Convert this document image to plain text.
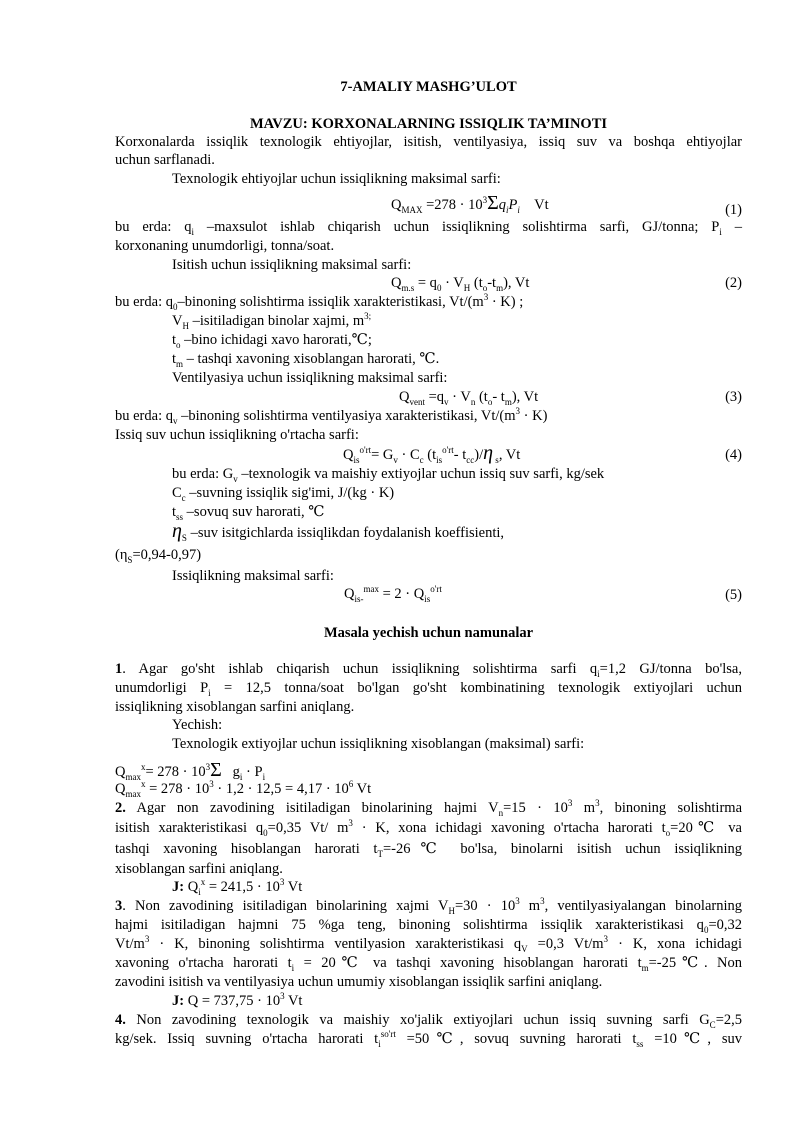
7-AMALIY MASHG’ULOT
MAVZU: KORXONALARNING ISSIQLIK TA’MINOTI
Korxonalarda issiqlik texnologik ehtiyojlar, isitish, ventilyasiya, issiq suv va boshqa ehtiyojlar
uchun sarflanadi.
Texnologik ehtiyojlar uchun issiqlikning maksimal sarfi:
$Q_{MAX} =278 \cdot 10^3\Sigma q_iP_i$    Vt	(1)
bu erda: $q_i$ –maxsulot ishlab chiqarish uchun issiqlikning solishtirma sarfi, GJ/tonna; $P_i$ –
korxonaning unumdorligi, tonna/soat.
Isitish uchun issiqlikning maksimal sarfi:
$Q_{m.s} = q_0 \cdot V_H$ $(t_o-t_m)$, Vt	(2)
bu erda: $q_0$–binoning solishtirma issiqlik xarakteristikasi, $Vt/(m^3 \cdot K)$ ;
$V_H$ –isitiladigan binolar xajmi, $m^{3;}$
$t_o$ –bino ichidagi xavo harorati,℃;
$t_m$ – tashqi xavoning xisoblangan harorati, ℃.
Ventilyasiya uchun issiqlikning maksimal sarfi:
$Q_{vent} =q_v \cdot V_n$ ($t_o-$ $t_m$), Vt	(3)
bu erda: $q_v$ –binoning solishtirma ventilyasiya xarakteristikasi, $Vt/(m^3 \cdot K)$
Issiq suv uchun issiqlikning o'rtacha sarfi:
$Q_{is}^{o'rt}= G_v \cdot C_c$ ($t_{is}^{o'rt}-$ $t_{cc})/\eta$ $_s$, Vt	(4)
bu erda: $G_v$ –texnologik va maishiy extiyojlar uchun issiq suv sarfi, kg/sek
$C_c$ –suvning issiqlik sig'imi, J/(kg · K)
$t_{ss}$ –sovuq suv harorati, ℃
$\eta_S$ –suv isitgichlarda issiqlikdan foydalanish koeffisienti,
$(\eta_S=0,94-0,97)$
Issiqlikning maksimal sarfi:
$Q_{is-}^{max} = 2 \cdot Q_{is}^{o'rt}$	(5)
Masala yechish uchun namunalar
1. Agar go'sht ishlab chiqarish uchun issiqlikning solishtirma sarfi $q_i=1,2$ GJ/tonna bo'lsa,
unumdorligi $P_i = 12,5$ tonna/soat bo'lgan go'sht kombinatining texnologik extiyojlari uchun
issiqlikning xisoblangan sarfini aniqlang.
Yechish:
Texnologik extiyojlar uchun issiqlikning xisoblangan (maksimal) sarfi:
$Q_{max}^x= 278 \cdot 10^3\Sigma$   $g_i \cdot P_i$
$Q_{max}^x = 278 \cdot 10^3 \cdot 1,2 \cdot 12,5 = 4,17 \cdot 10^6$ Vt
2. Agar non zavodining isitiladigan binolarining hajmi $V_n=15 \cdot 10^3$ $m^3$, binoning solishtirma
isitish xarakteristikasi $q_0=0,35$ Vt/ $m^3 \cdot K$, xona ichidagi xavoning o'rtacha harorati $t_o=20℃$ va
tashqi xavoning hisoblangan harorati $t_T=-26℃$ bo'lsa, binolarni isitish uchun issiqlikning
xisoblangan sarfini aniqlang.
J: $Q_i^x = 241,5 \cdot 10^3$ Vt
3. Non zavodining isitiladigan binolarining xajmi $V_H=30 \cdot 10^3$ $m^3$, ventilyasiyalangan binolarning
hajmi isitiladigan hajmni 75 %ga teng, binoning solishtirma issiqlik xarakteristikasi $q_0=0,32$
$Vt/m^3 \cdot K$, binoning solishtirma ventilyasion xarakteristikasi $q_V =0,3$ $Vt/m^3 \cdot K$, xona ichidagi
xavoning o'rtacha harorati $t_i$ = 20℃ va tashqi xavoning hisoblangan harorati $t_m=-25℃$. Non
zavodini isitish va ventilyasiya uchun umumiy xisoblangan issiqlik sarfini aniqlang.
J: $Q = 737,75 \cdot 10^3$ Vt
4. Non zavodining texnologik va maishiy xo'jalik extiyojlari uchun issiq suvning sarfi $G_C=2,5$
kg/sek. Issiq suvning o'rtacha harorati $t_i^{so'rt}$ =50℃, sovuq suvning harorati $t_{ss}$ =10℃, suv
